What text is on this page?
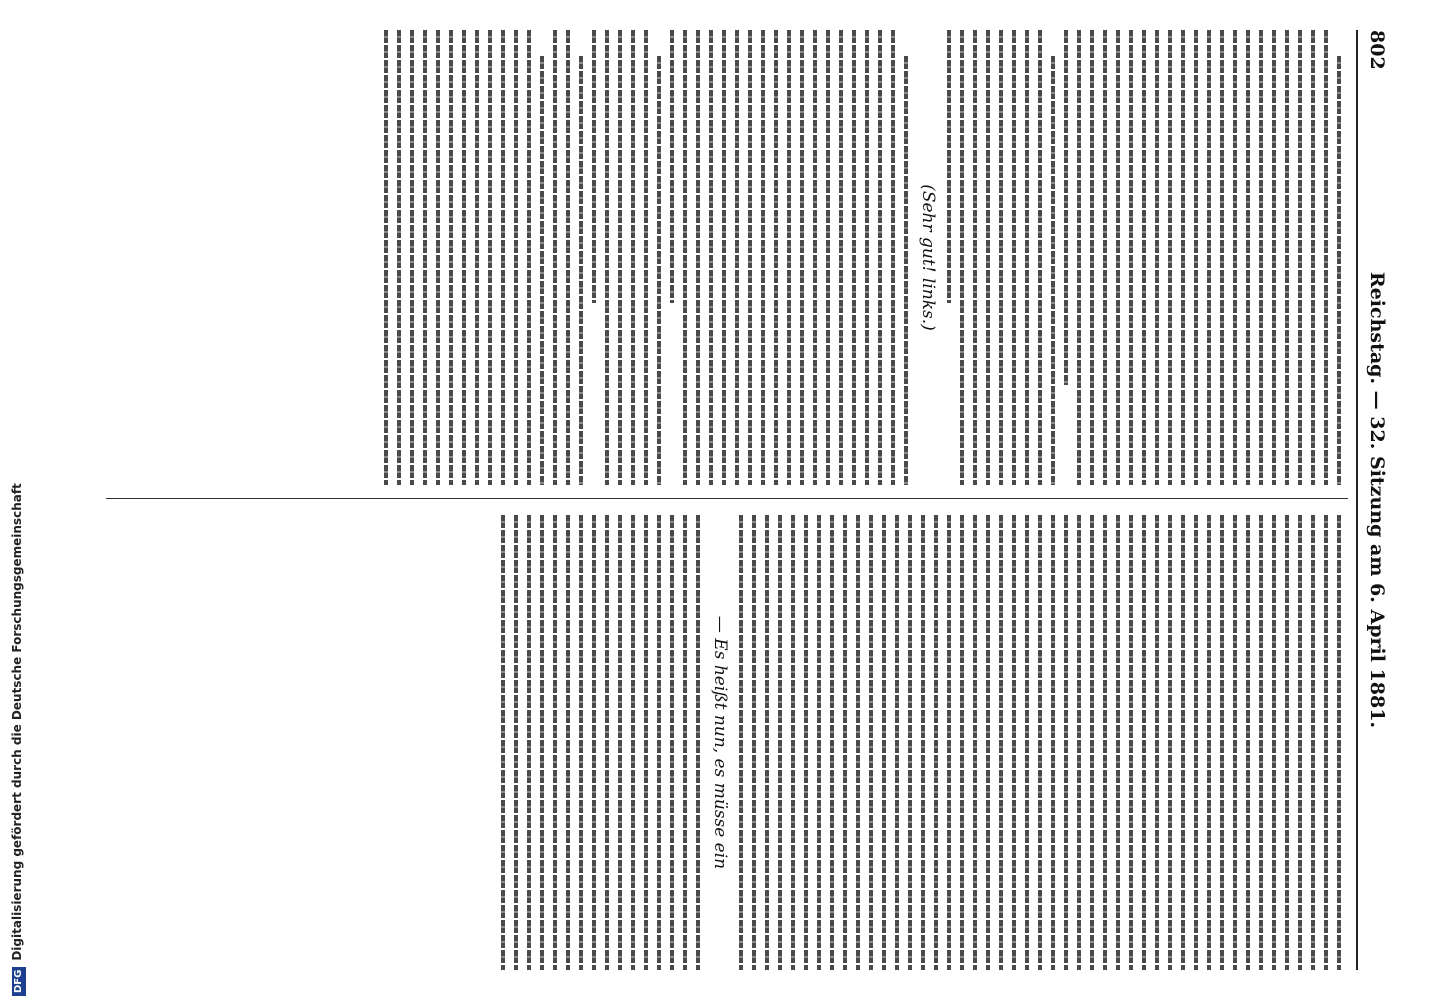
802
Reichstag. — 32. Sitzung am 6. April 1881.
(Sehr gut! links.)
— Es heißt nun, es müsse ein
DFGDigitalisierung gefördert durch die Deutsche Forschungsgemeinschaft
